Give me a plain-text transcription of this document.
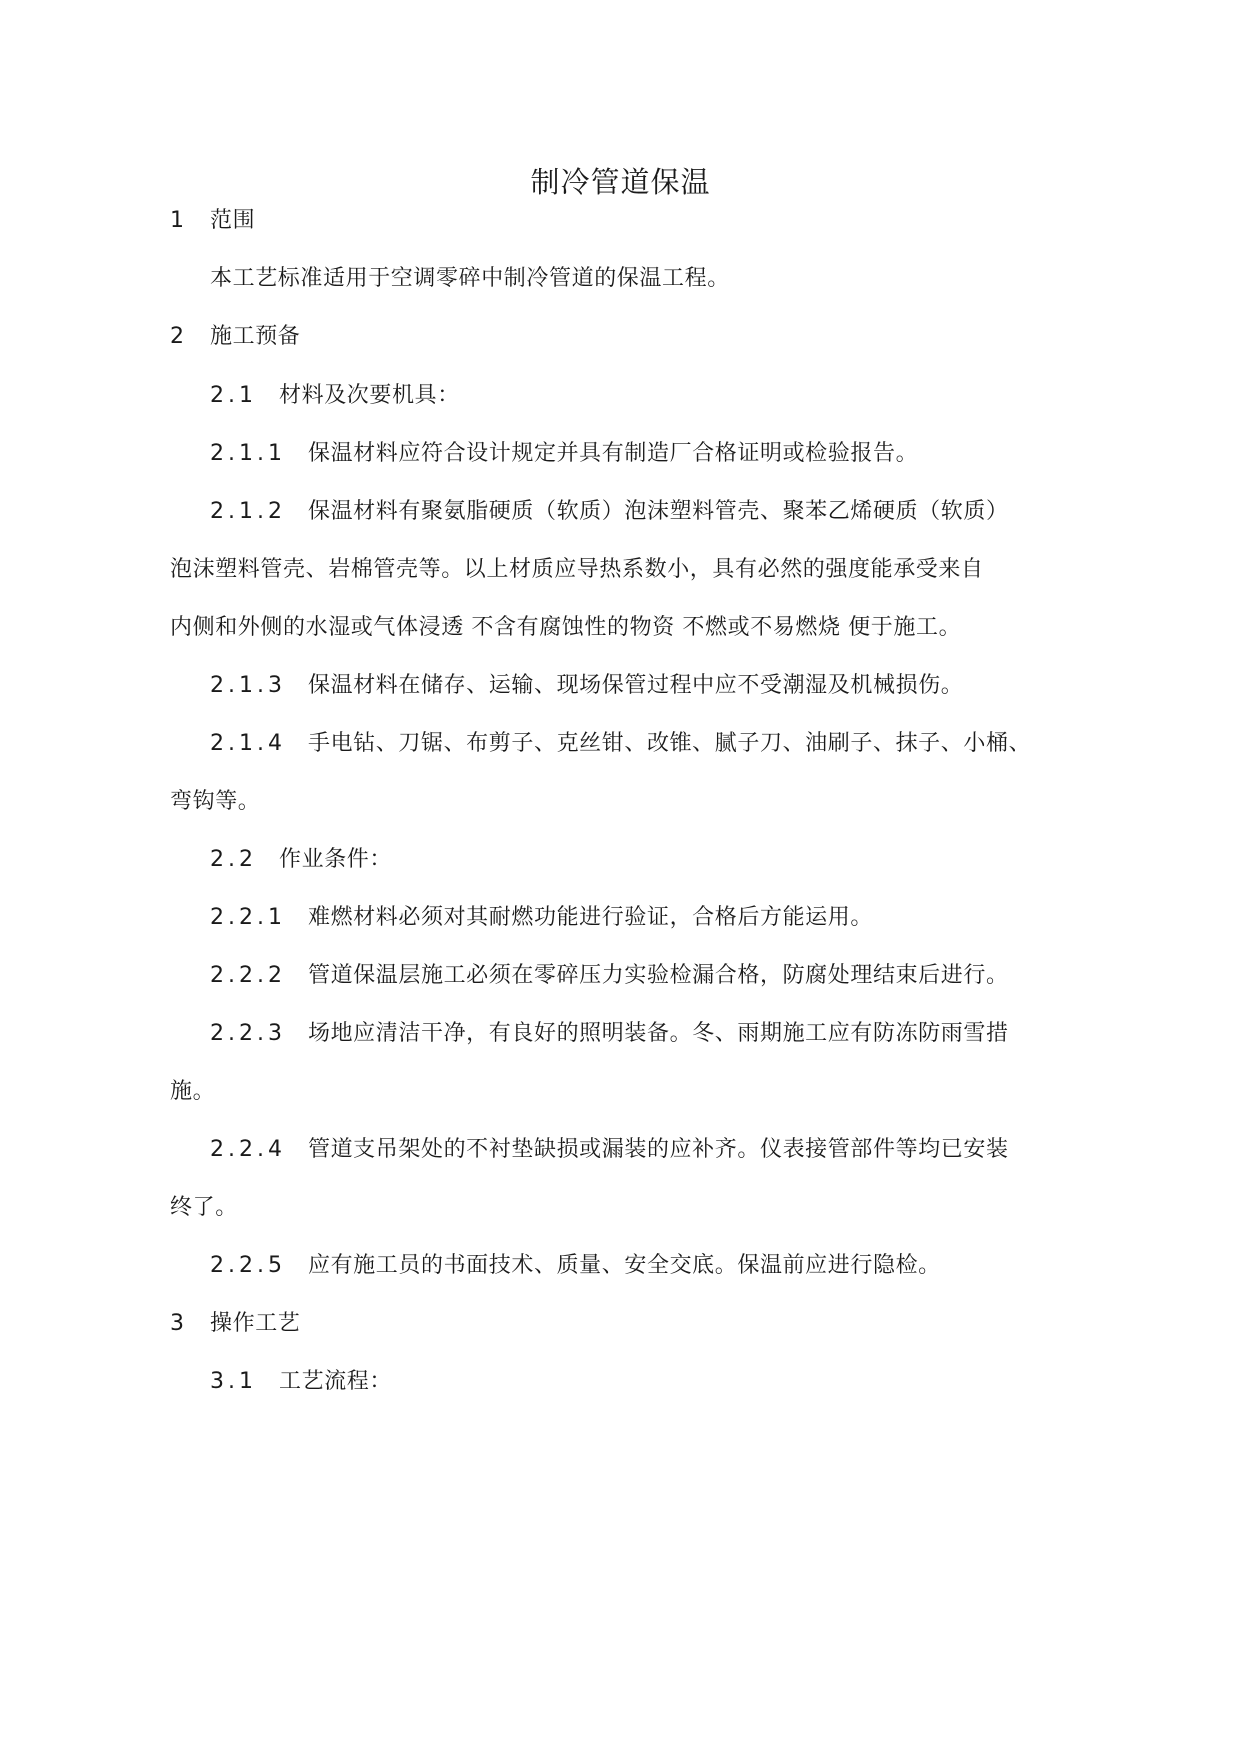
制冷管道保温
1 范围
本工艺标准适用于空调零碎中制冷管道的保温工程。
2 施工预备
2.1 材料及次要机具：
2.1.1 保温材料应符合设计规定并具有制造厂合格证明或检验报告。
2.1.2 保温材料有聚氨脂硬质（软质）泡沫塑料管壳、聚苯乙烯硬质（软质）
泡沫塑料管壳、岩棉管壳等。以上材质应导热系数小，具有必然的强度能承受来自
内侧和外侧的水湿或气体浸透 不含有腐蚀性的物资 不燃或不易燃烧 便于施工。
2.1.3 保温材料在储存、运输、现场保管过程中应不受潮湿及机械损伤。
2.1.4 手电钻、刀锯、布剪子、克丝钳、改锥、腻子刀、油刷子、抹子、小桶、
弯钩等。
2.2 作业条件：
2.2.1 难燃材料必须对其耐燃功能进行验证，合格后方能运用。
2.2.2 管道保温层施工必须在零碎压力实验检漏合格，防腐处理结束后进行。
2.2.3 场地应清洁干净，有良好的照明装备。冬、雨期施工应有防冻防雨雪措
施。
2.2.4 管道支吊架处的不衬垫缺损或漏装的应补齐。仪表接管部件等均已安装
终了。
2.2.5 应有施工员的书面技术、质量、安全交底。保温前应进行隐检。
3 操作工艺
3.1 工艺流程：
